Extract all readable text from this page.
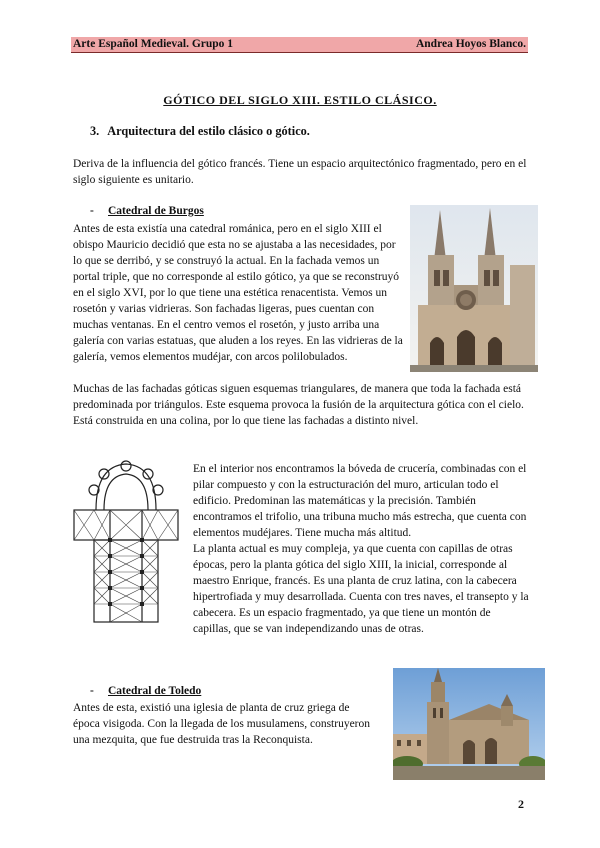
Arte Español Medieval. Grupo 1	Andrea Hoyos Blanco.
GÓTICO DEL SIGLO XIII. ESTILO CLÁSICO.
3. Arquitectura del estilo clásico o gótico.

Deriva de la influencia del gótico francés. Tiene un espacio arquitectónico fragmentado, pero en el siglo siguiente es unitario.

- Catedral de Burgos

Antes de esta existía una catedral románica, pero en el siglo XIII el obispo Mauricio decidió que esta no se ajustaba a las necesidades, por lo que se derribó, y se construyó la actual. En la fachada vemos un portal triple, que no corresponde al estilo gótico, ya que se reconstruyó en el siglo XVI, por lo que tiene una estética renacentista. Vemos un rosetón y varias vidrieras. Son fachadas ligeras, pues cuentan con muchas ventanas. En el centro vemos el rosetón, y justo arriba una galería con varias estatuas, que aluden a los reyes. En las vidrieras de la galería, vemos elementos mudéjar, con arcos polilobulados.

Muchas de las fachadas góticas siguen esquemas triangulares, de manera que toda la fachada está predominada por triángulos. Este esquema provoca la fusión de la arquitectura gótica con el cielo. Está construida en una colina, por lo que tiene las fachadas a distinto nivel.

En el interior nos encontramos la bóveda de crucería, combinadas con el pilar compuesto y con la estructuración del muro, articulan todo el edificio. Predominan las matemáticas y la precisión. También encontramos el trifolio, una tribuna mucho más estrecha, que cuenta con elementos mudéjares. Tiene mucha más altitud.

La planta actual es muy compleja, ya que cuenta con capillas de otras épocas, pero la planta gótica del siglo XIII, la inicial, corresponde al maestro Enrique, francés. Es una planta de cruz latina, con la cabecera hipertrofiada y muy desarrollada. Cuenta con tres naves, el transepto y la cabecera. Es un espacio fragmentado, ya que tiene un montón de capillas, que se van independizando unas de otras.

- Catedral de Toledo

Antes de esta, existió una iglesia de planta de cruz griega de época visigoda. Con la llegada de los musulamens, construyeron una mezquita, que fue destruida tras la Reconquista.

2
